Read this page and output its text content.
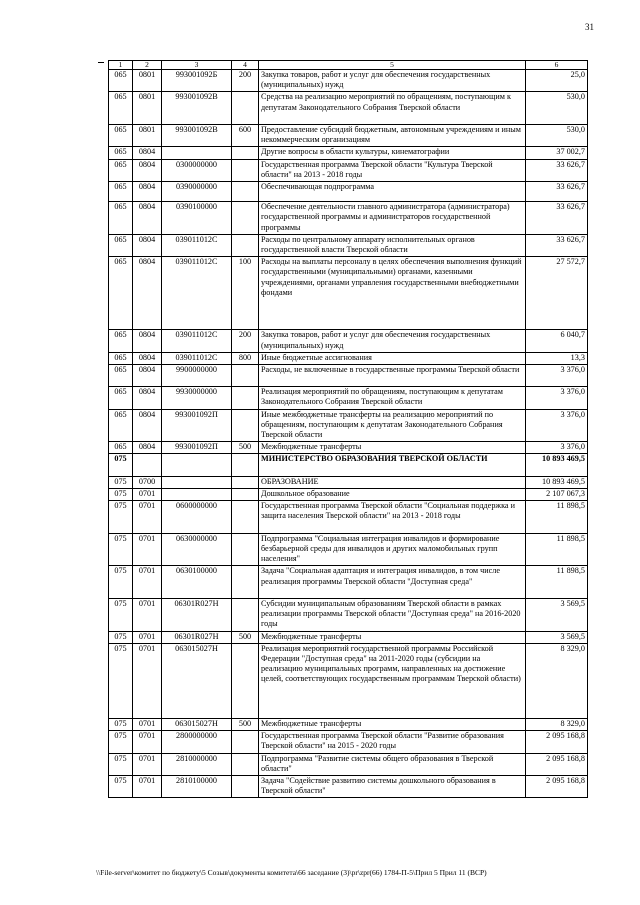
31
1	2	3	4	5	6
065	0801	993001092Б	200	Закупка товаров, работ и услуг для обеспечения государственных (муниципальных) нужд	25,0
065	0801	993001092В		Средства на реализацию мероприятий по обращениям, поступающим к депутатам Законодательного Собрания Тверской области	530,0
065	0801	993001092В	600	Предоставление субсидий бюджетным, автономным учреждениям и иным некоммерческим организациям	530,0
065	0804			Другие вопросы в области культуры, кинематографии	37 002,7
065	0804	0300000000		Государственная программа Тверской области "Культура Тверской области" на 2013 - 2018 годы	33 626,7
065	0804	0390000000		Обеспечивающая подпрограмма	33 626,7
065	0804	0390100000		Обеспечение деятельности главного администратора (администратора) государственной программы и администраторов государственной программы	33 626,7
065	0804	039011012С		Расходы по центральному аппарату исполнительных органов государственной власти Тверской области	33 626,7
065	0804	039011012С	100	Расходы на выплаты персоналу в целях обеспечения выполнения функций государственными (муниципальными) органами, казенными учреждениями, органами управления государственными внебюджетными фондами	27 572,7
065	0804	039011012С	200	Закупка товаров, работ и услуг для обеспечения государственных (муниципальных) нужд	6 040,7
065	0804	039011012С	800	Иные бюджетные ассигнования	13,3
065	0804	9900000000		Расходы, не включенные в государственные программы Тверской области	3 376,0
065	0804	9930000000		Реализация мероприятий по обращениям, поступающим к депутатам Законодательного Собрания Тверской области	3 376,0
065	0804	993001092П		Иные межбюджетные трансферты на реализацию мероприятий по обращениям, поступающим к депутатам Законодательного Собрания Тверской области	3 376,0
065	0804	993001092П	500	Межбюджетные трансферты	3 376,0
075				МИНИСТЕРСТВО ОБРАЗОВАНИЯ ТВЕРСКОЙ ОБЛАСТИ	10 893 469,5
075	0700			ОБРАЗОВАНИЕ	10 893 469,5
075	0701			Дошкольное образование	2 107 067,3
075	0701	0600000000		Государственная программа Тверской области "Социальная поддержка и защита населения Тверской области" на 2013 - 2018 годы	11 898,5
075	0701	0630000000		Подпрограмма "Социальная интеграция инвалидов и формирование безбарьерной среды для инвалидов и других маломобильных групп населения"	11 898,5
075	0701	0630100000		Задача "Социальная адаптация и интеграция инвалидов, в том числе реализация программы Тверской области "Доступная среда"	11 898,5
075	0701	06301R027Н		Субсидии муниципальным образованиям Тверской области в рамках реализации программы Тверской области "Доступная среда" на 2016-2020 годы	3 569,5
075	0701	06301R027Н	500	Межбюджетные трансферты	3 569,5
075	0701	063015027Н		Реализация мероприятий государственной программы Российской Федерации "Доступная среда" на 2011-2020 годы (субсидии на реализацию муниципальных программ, направленных на достижение целей, соответствующих государственным программам Тверской области)	8 329,0
075	0701	063015027Н	500	Межбюджетные трансферты	8 329,0
075	0701	2800000000		Государственная программа Тверской области "Развитие образования Тверской области" на 2015 - 2020 годы	2 095 168,8
075	0701	2810000000		Подпрограмма "Развитие системы общего образования в Тверской области"	2 095 168,8
075	0701	2810100000		Задача "Содействие развитию системы дошкольного образования в Тверской области"	2 095 168,8
\\File-server\комитет по бюджету\5 Созыв\документы комитета\66 заседание (3)\pr\zpr(66) 1784-П-5\Прил 5 Прил 11 (ВСР)
